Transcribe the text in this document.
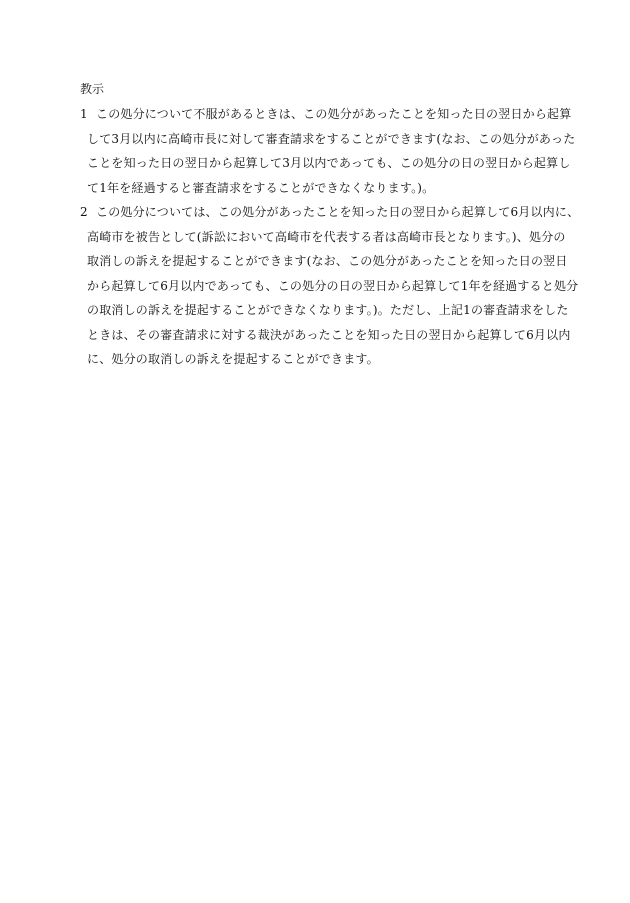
教示
1 この処分について不服があるときは、この処分があったことを知った日の翌日から起算
して3月以内に高崎市長に対して審査請求をすることができます(なお、この処分があった
ことを知った日の翌日から起算して3月以内であっても、この処分の日の翌日から起算し
て1年を経過すると審査請求をすることができなくなります。)。
2 この処分については、この処分があったことを知った日の翌日から起算して6月以内に、
高崎市を被告として(訴訟において高崎市を代表する者は高崎市長となります。)、処分の
取消しの訴えを提起することができます(なお、この処分があったことを知った日の翌日
から起算して6月以内であっても、この処分の日の翌日から起算して1年を経過すると処分
の取消しの訴えを提起することができなくなります。)。ただし、上記1の審査請求をした
ときは、その審査請求に対する裁決があったことを知った日の翌日から起算して6月以内
に、処分の取消しの訴えを提起することができます。
